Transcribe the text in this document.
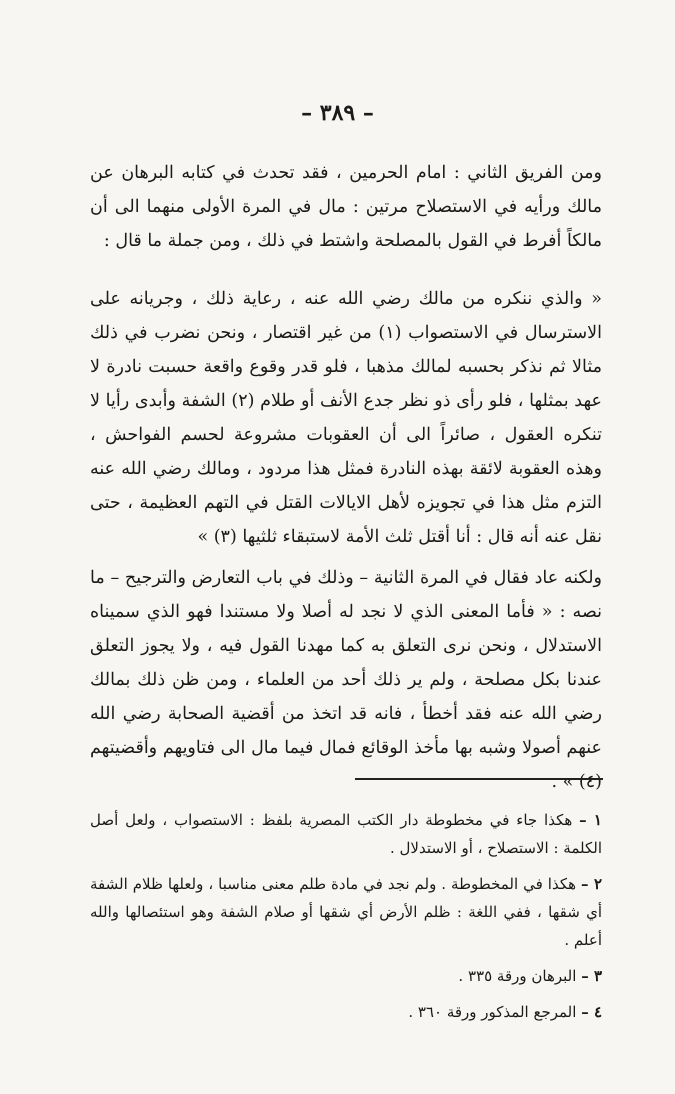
– ٣٨٩ –

ومن الفريق الثاني : امام الحرمين ، فقد تحدث في كتابه البرهان عن مالك ورأيه في الاستصلاح مرتين : مال في المرة الأولى منهما الى أن مالكاً أفرط في القول بالمصلحة واشتط في ذلك ، ومن جملة ما قال :

« والذي ننكره من مالك رضي الله عنه ، رعاية ذلك ، وجريانه على الاسترسال في الاستصواب (١) من غير اقتصار ، ونحن نضرب في ذلك مثالا ثم نذكر بحسبه لمالك مذهبا ، فلو قدر وقوع واقعة حسبت نادرة لا عهد بمثلها ، فلو رأى ذو نظر جدع الأنف أو طلام (٢) الشفة وأبدى رأيا لا تنكره العقول ، صائراً الى أن العقوبات مشروعة لحسم الفواحش ، وهذه العقوبة لائقة بهذه النادرة فمثل هذا مردود ، ومالك رضي الله عنه التزم مثل هذا في تجويزه لأهل الايالات القتل في التهم العظيمة ، حتى نقل عنه أنه قال : أنا أقتل ثلث الأمة لاستبقاء ثلثيها (٣) »

ولكنه عاد فقال في المرة الثانية – وذلك في باب التعارض والترجيح – ما نصه : « فأما المعنى الذي لا نجد له أصلا ولا مستندا فهو الذي سميناه الاستدلال ، ونحن نرى التعلق به كما مهدنا القول فيه ، ولا يجوز التعلق عندنا بكل مصلحة ، ولم ير ذلك أحد من العلماء ، ومن ظن ذلك بمالك رضي الله عنه فقد أخطأ ، فانه قد اتخذ من أقضية الصحابة رضي الله عنهم أصولا وشبه بها مأخذ الوقائع فمال فيما مال الى فتاويهم وأقضيتهم (٤) » .

١ – هكذا جاء في مخطوطة دار الكتب المصرية بلفظ : الاستصواب ، ولعل أصل الكلمة : الاستصلاح ، أو الاستدلال .

٢ – هكذا في المخطوطة . ولم نجد في مادة طلم معنى مناسبا ، ولعلها ظلام الشفة أي شقها ، ففي اللغة : ظلم الأرض أي شقها أو صلام الشفة وهو استئصالها والله أعلم .

٣ – البرهان ورقة ٣٣٥ .

٤ – المرجع المذكور ورقة ٣٦٠ .
